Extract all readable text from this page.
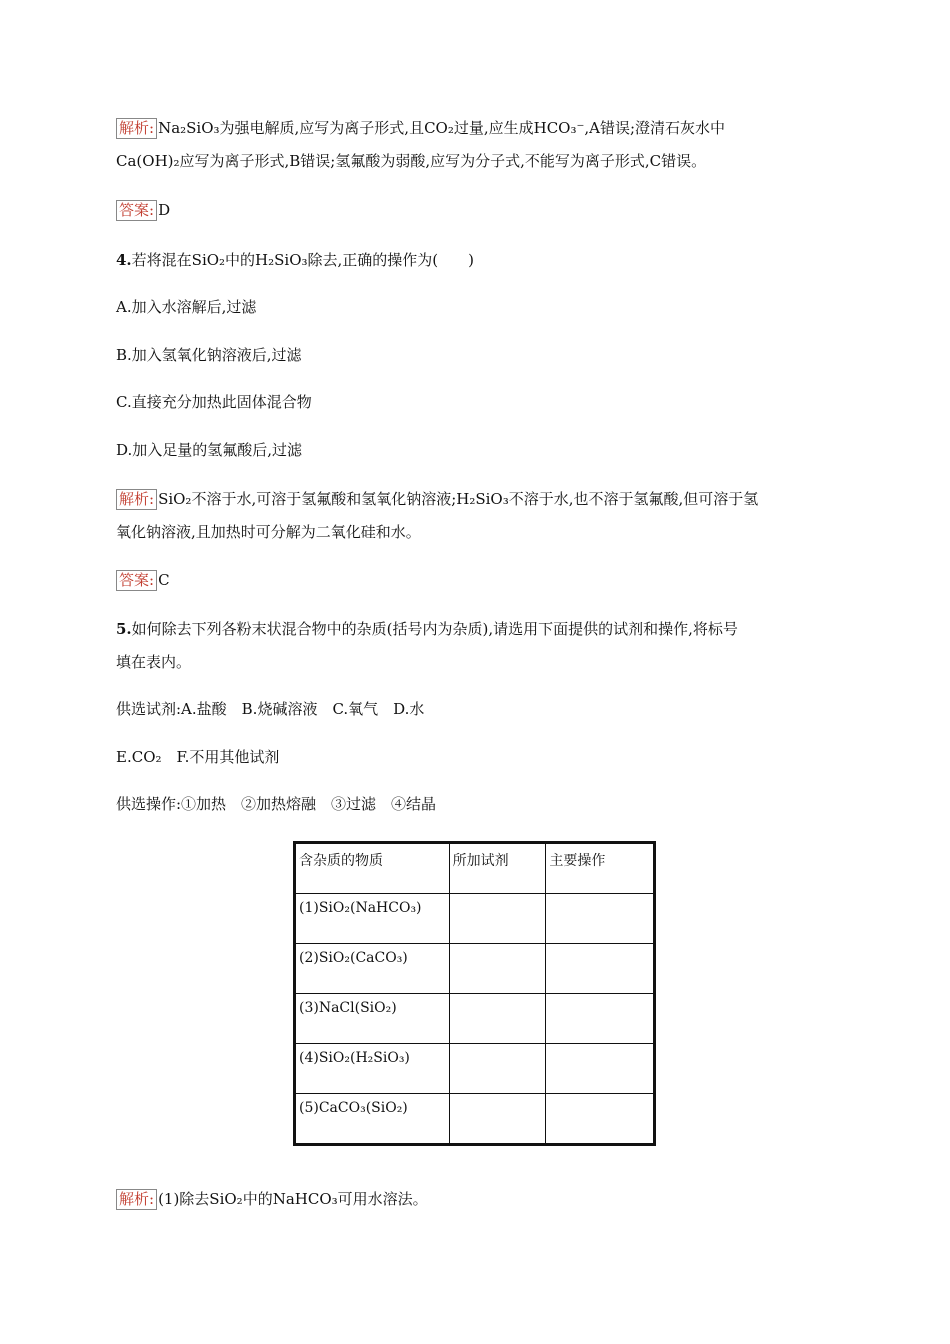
解析: Na₂SiO₃为强电解质,应写为离子形式,且CO₂过量,应生成HCO₃⁻,A错误;澄清石灰水中
Ca(OH)₂应写为离子形式,B错误;氢氟酸为弱酸,应写为分子式,不能写为离子形式,C错误。
答案: D
4.若将混在SiO₂中的H₂SiO₃除去,正确的操作为(　　)
A.加入水溶解后,过滤
B.加入氢氧化钠溶液后,过滤
C.直接充分加热此固体混合物
D.加入足量的氢氟酸后,过滤
解析: SiO₂不溶于水,可溶于氢氟酸和氢氧化钠溶液;H₂SiO₃不溶于水,也不溶于氢氟酸,但可溶于氢
氧化钠溶液,且加热时可分解为二氧化硅和水。
答案: C
5.如何除去下列各粉末状混合物中的杂质(括号内为杂质),请选用下面提供的试剂和操作,将标号
填在表内。
供选试剂:A.盐酸　B.烧碱溶液　C.氧气　D.水
E.CO₂　F.不用其他试剂
供选操作:①加热　②加热熔融　③过滤　④结晶
含杂质的物质	所加试剂	主要操作
(1)SiO₂(NaHCO₃)		
(2)SiO₂(CaCO₃)		
(3)NaCl(SiO₂)		
(4)SiO₂(H₂SiO₃)		
(5)CaCO₃(SiO₂)		
解析: (1)除去SiO₂中的NaHCO₃可用水溶法。
